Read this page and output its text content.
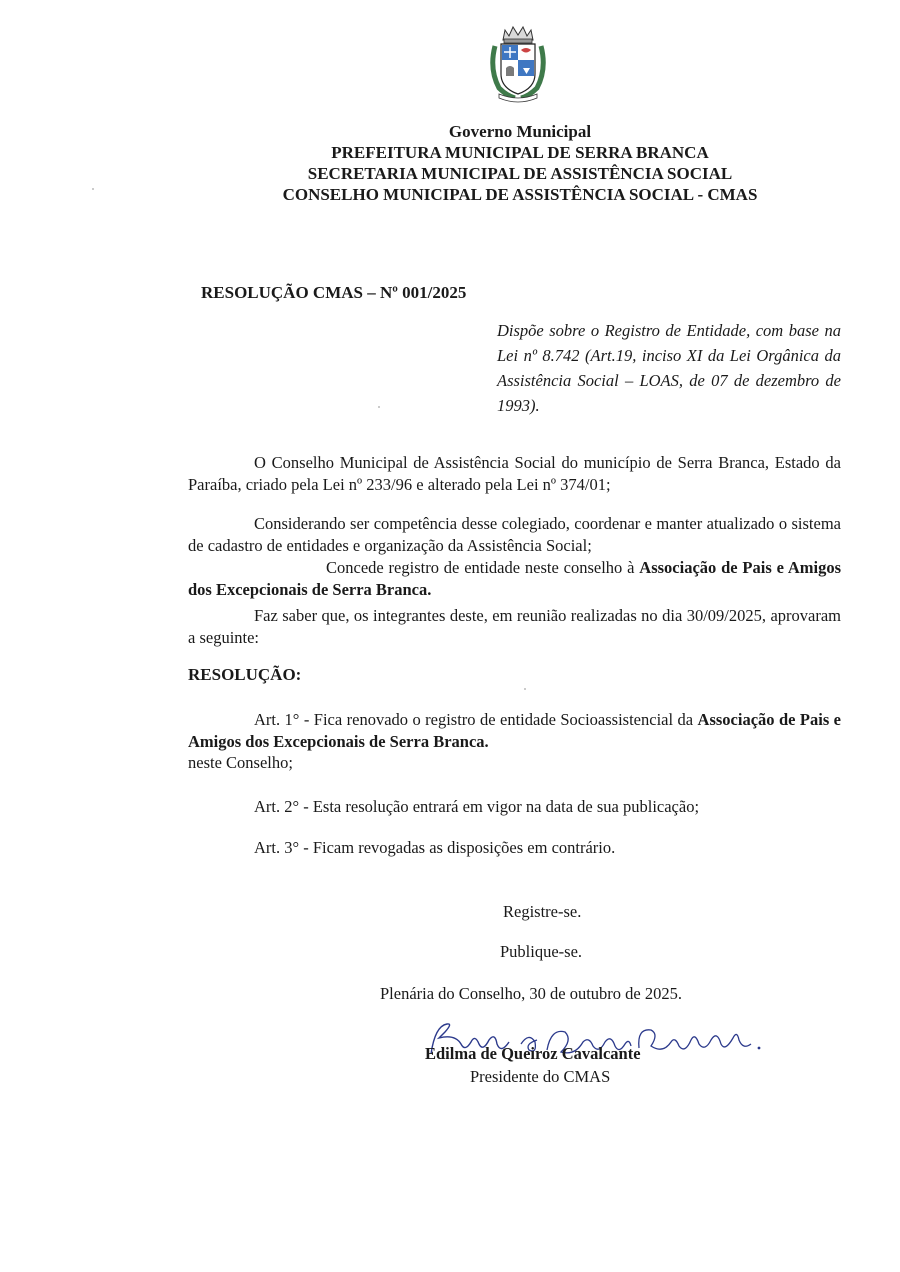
Governo Municipal
PREFEITURA MUNICIPAL DE SERRA BRANCA
SECRETARIA MUNICIPAL DE ASSISTÊNCIA SOCIAL
CONSELHO MUNICIPAL DE ASSISTÊNCIA SOCIAL - CMAS
RESOLUÇÃO CMAS – Nº 001/2025
Dispõe sobre o Registro de Entidade, com base na Lei nº 8.742 (Art.19, inciso XI da Lei Orgânica da Assistência Social – LOAS, de 07 de dezembro de 1993).
O Conselho Municipal de Assistência Social do município de Serra Branca, Estado da Paraíba, criado pela Lei nº 233/96 e alterado pela Lei nº 374/01;
Considerando ser competência desse colegiado, coordenar e manter atualizado o sistema de cadastro de entidades e organização da Assistência Social;
Concede registro de entidade neste conselho à Associação de Pais e Amigos dos Excepcionais de Serra Branca.
Faz saber que, os integrantes deste, em reunião realizadas no dia 30/09/2025, aprovaram a seguinte:
RESOLUÇÃO:
Art. 1° - Fica renovado o registro de entidade Socioassistencial da Associação de Pais e Amigos dos Excepcionais de Serra Branca.
neste Conselho;
Art. 2° - Esta resolução entrará em vigor na data de sua publicação;
Art. 3° - Ficam revogadas as disposições em contrário.
Registre-se.
Publique-se.
Plenária do Conselho, 30 de outubro de 2025.
Edilma de Queiroz Cavalcante
Presidente do CMAS
